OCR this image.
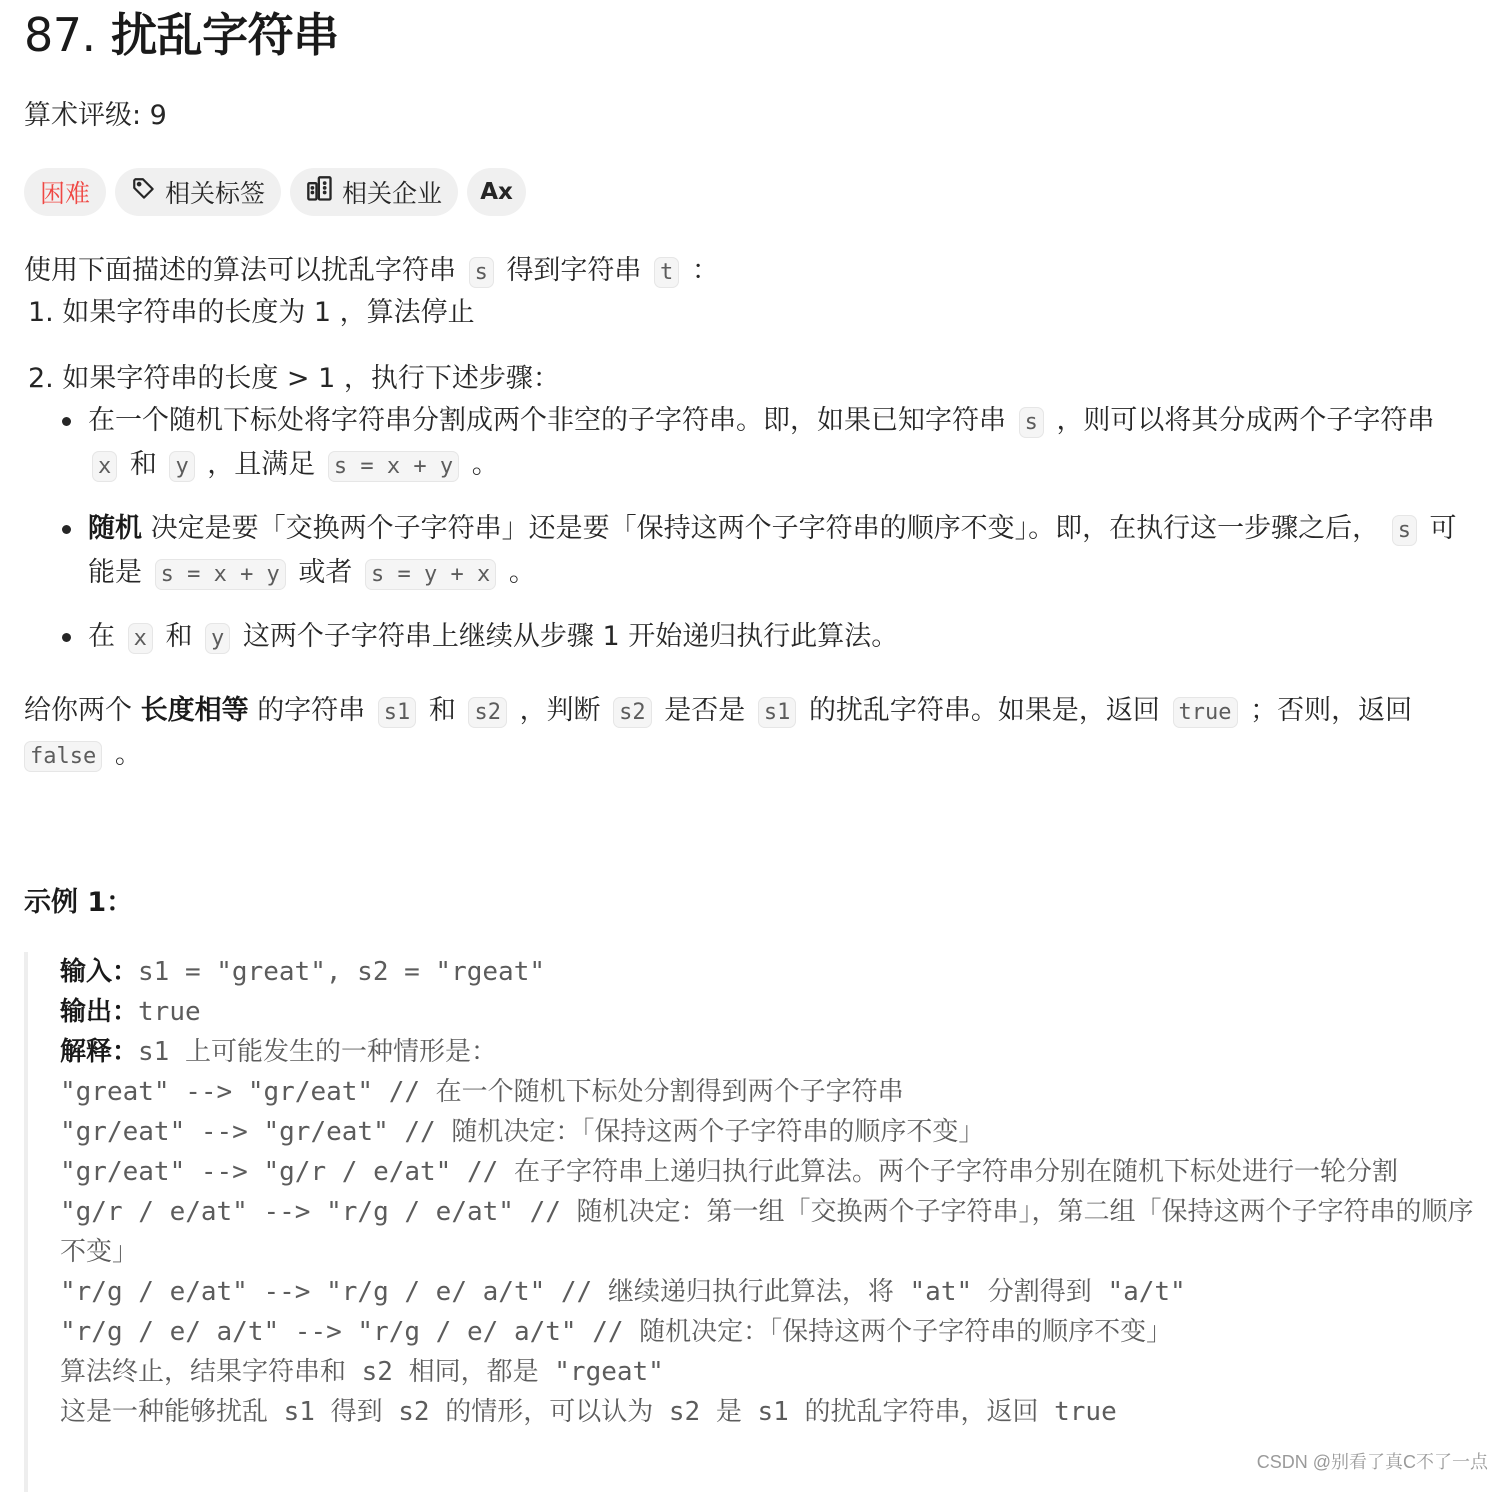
87. 扰乱字符串
算术评级: 9
困难	相关标签	相关企业 Ax
使用下面描述的算法可以扰乱字符串 s 得到字符串 t ：
1. 如果字符串的长度为 1 ，算法停止
2. 如果字符串的长度 > 1 ，执行下述步骤：
在一个随机下标处将字符串分割成两个非空的子字符串。即，如果已知字符串 s ，则可以将其分成两个子字符串 x 和 y ，且满足 s = x + y 。
随机 决定是要「交换两个子字符串」还是要「保持这两个子字符串的顺序不变」。即，在执行这一步骤之后， s 可能是 s = x + y 或者 s = y + x 。
在 x 和 y 这两个子字符串上继续从步骤 1 开始递归执行此算法。
给你两个 长度相等 的字符串 s1 和 s2 ，判断 s2 是否是 s1 的扰乱字符串。如果是，返回 true ；否则，返回 false 。
示例 1：
输入：s1 = "great", s2 = "rgeat"
输出：true
解释：s1 上可能发生的一种情形是：
"great" --> "gr/eat" // 在一个随机下标处分割得到两个子字符串
"gr/eat" --> "gr/eat" // 随机决定：「保持这两个子字符串的顺序不变」
"gr/eat" --> "g/r / e/at" // 在子字符串上递归执行此算法。两个子字符串分别在随机下标处进行一轮分割
"g/r / e/at" --> "r/g / e/at" // 随机决定：第一组「交换两个子字符串」，第二组「保持这两个子字符串的顺序不变」
"r/g / e/at" --> "r/g / e/ a/t" // 继续递归执行此算法，将 "at" 分割得到 "a/t"
"r/g / e/ a/t" --> "r/g / e/ a/t" // 随机决定：「保持这两个子字符串的顺序不变」
算法终止，结果字符串和 s2 相同，都是 "rgeat"
这是一种能够扰乱 s1 得到 s2 的情形，可以认为 s2 是 s1 的扰乱字符串，返回 true
CSDN @别看了真C不了一点
